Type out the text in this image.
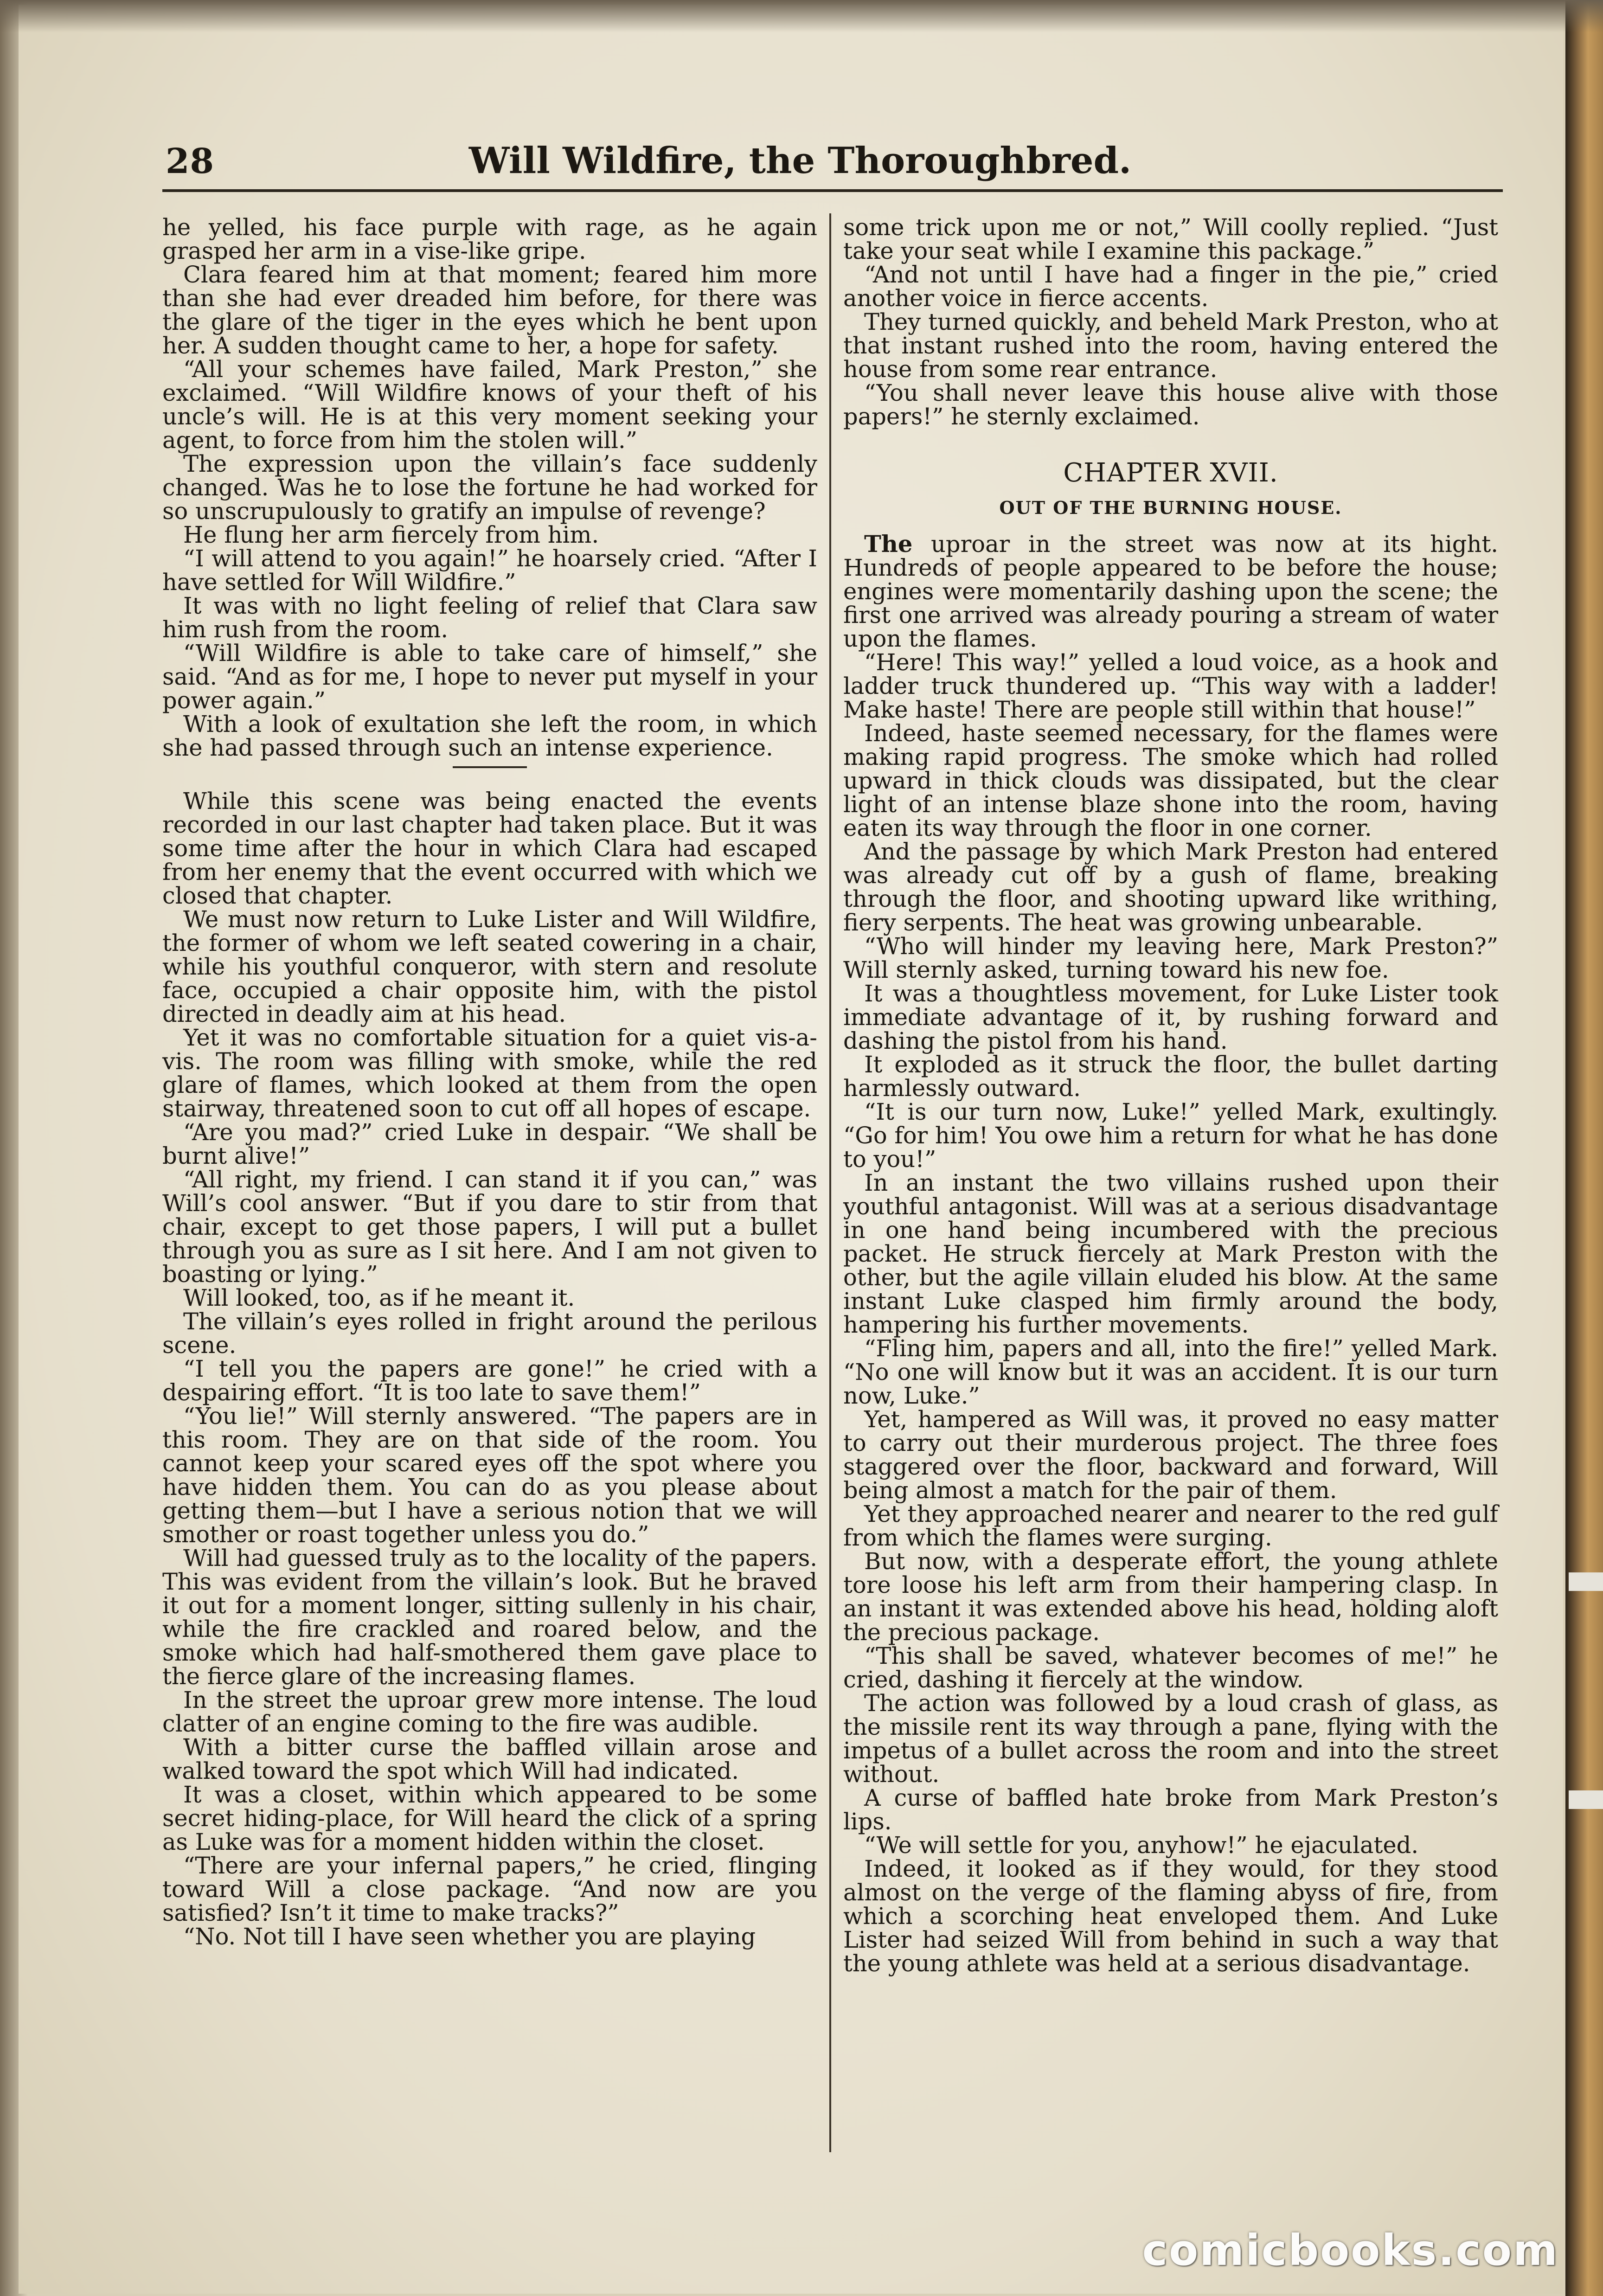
28	Will Wildfire, the Thoroughbred.

he yelled, his face purple with rage, as he again grasped her arm in a vise-like gripe.

Clara feared him at that moment; feared him more than she had ever dreaded him before, for there was the glare of the tiger in the eyes which he bent upon her. A sudden thought came to her, a hope for safety.

“All your schemes have failed, Mark Preston,” she exclaimed. “Will Wildfire knows of your theft of his uncle’s will. He is at this very moment seeking your agent, to force from him the stolen will.”

The expression upon the villain’s face suddenly changed. Was he to lose the fortune he had worked for so unscrupulously to gratify an impulse of revenge?

He flung her arm fiercely from him.

“I will attend to you again!” he hoarsely cried. “After I have settled for Will Wildfire.”

It was with no light feeling of relief that Clara saw him rush from the room.

“Will Wildfire is able to take care of himself,” she said. “And as for me, I hope to never put myself in your power again.”

With a look of exultation she left the room, in which she had passed through such an intense experience.

While this scene was being enacted the events recorded in our last chapter had taken place. But it was some time after the hour in which Clara had escaped from her enemy that the event occurred with which we closed that chapter.

We must now return to Luke Lister and Will Wildfire, the former of whom we left seated cowering in a chair, while his youthful conqueror, with stern and resolute face, occupied a chair opposite him, with the pistol directed in deadly aim at his head.

Yet it was no comfortable situation for a quiet vis-a-vis. The room was filling with smoke, while the red glare of flames, which looked at them from the open stairway, threatened soon to cut off all hopes of escape.

“Are you mad?” cried Luke in despair. “We shall be burnt alive!”

“All right, my friend. I can stand it if you can,” was Will’s cool answer. “But if you dare to stir from that chair, except to get those papers, I will put a bullet through you as sure as I sit here. And I am not given to boasting or lying.”

Will looked, too, as if he meant it.

The villain’s eyes rolled in fright around the perilous scene.

“I tell you the papers are gone!” he cried with a despairing effort. “It is too late to save them!”

“You lie!” Will sternly answered. “The papers are in this room. They are on that side of the room. You cannot keep your scared eyes off the spot where you have hidden them. You can do as you please about getting them—but I have a serious notion that we will smother or roast together unless you do.”

Will had guessed truly as to the locality of the papers. This was evident from the villain’s look. But he braved it out for a moment longer, sitting sullenly in his chair, while the fire crackled and roared below, and the smoke which had half-smothered them gave place to the fierce glare of the increasing flames.

In the street the uproar grew more intense. The loud clatter of an engine coming to the fire was audible.

With a bitter curse the baffled villain arose and walked toward the spot which Will had indicated.

It was a closet, within which appeared to be some secret hiding-place, for Will heard the click of a spring as Luke was for a moment hidden within the closet.

“There are your infernal papers,” he cried, flinging toward Will a close package. “And now are you satisfied? Isn’t it time to make tracks?”

“No. Not till I have seen whether you are playing

some trick upon me or not,” Will coolly replied. “Just take your seat while I examine this package.”

“And not until I have had a finger in the pie,” cried another voice in fierce accents.

They turned quickly, and beheld Mark Preston, who at that instant rushed into the room, having entered the house from some rear entrance.

“You shall never leave this house alive with those papers!” he sternly exclaimed.

CHAPTER XVII.
OUT OF THE BURNING HOUSE.

The uproar in the street was now at its hight. Hundreds of people appeared to be before the house; engines were momentarily dashing upon the scene; the first one arrived was already pouring a stream of water upon the flames.

“Here! This way!” yelled a loud voice, as a hook and ladder truck thundered up. “This way with a ladder! Make haste! There are people still within that house!”

Indeed, haste seemed necessary, for the flames were making rapid progress. The smoke which had rolled upward in thick clouds was dissipated, but the clear light of an intense blaze shone into the room, having eaten its way through the floor in one corner.

And the passage by which Mark Preston had entered was already cut off by a gush of flame, breaking through the floor, and shooting upward like writhing, fiery serpents. The heat was growing unbearable.

“Who will hinder my leaving here, Mark Preston?” Will sternly asked, turning toward his new foe.

It was a thoughtless movement, for Luke Lister took immediate advantage of it, by rushing forward and dashing the pistol from his hand.

It exploded as it struck the floor, the bullet darting harmlessly outward.

“It is our turn now, Luke!” yelled Mark, exultingly. “Go for him! You owe him a return for what he has done to you!”

In an instant the two villains rushed upon their youthful antagonist. Will was at a serious disadvantage in one hand being incumbered with the precious packet. He struck fiercely at Mark Preston with the other, but the agile villain eluded his blow. At the same instant Luke clasped him firmly around the body, hampering his further movements.

“Fling him, papers and all, into the fire!” yelled Mark. “No one will know but it was an accident. It is our turn now, Luke.”

Yet, hampered as Will was, it proved no easy matter to carry out their murderous project. The three foes staggered over the floor, backward and forward, Will being almost a match for the pair of them.

Yet they approached nearer and nearer to the red gulf from which the flames were surging.

But now, with a desperate effort, the young athlete tore loose his left arm from their hampering clasp. In an instant it was extended above his head, holding aloft the precious package.

“This shall be saved, whatever becomes of me!” he cried, dashing it fiercely at the window.

The action was followed by a loud crash of glass, as the missile rent its way through a pane, flying with the impetus of a bullet across the room and into the street without.

A curse of baffled hate broke from Mark Preston’s lips.

“We will settle for you, anyhow!” he ejaculated.

Indeed, it looked as if they would, for they stood almost on the verge of the flaming abyss of fire, from which a scorching heat enveloped them. And Luke Lister had seized Will from behind in such a way that the young athlete was held at a serious disadvantage.

comicbooks.com
